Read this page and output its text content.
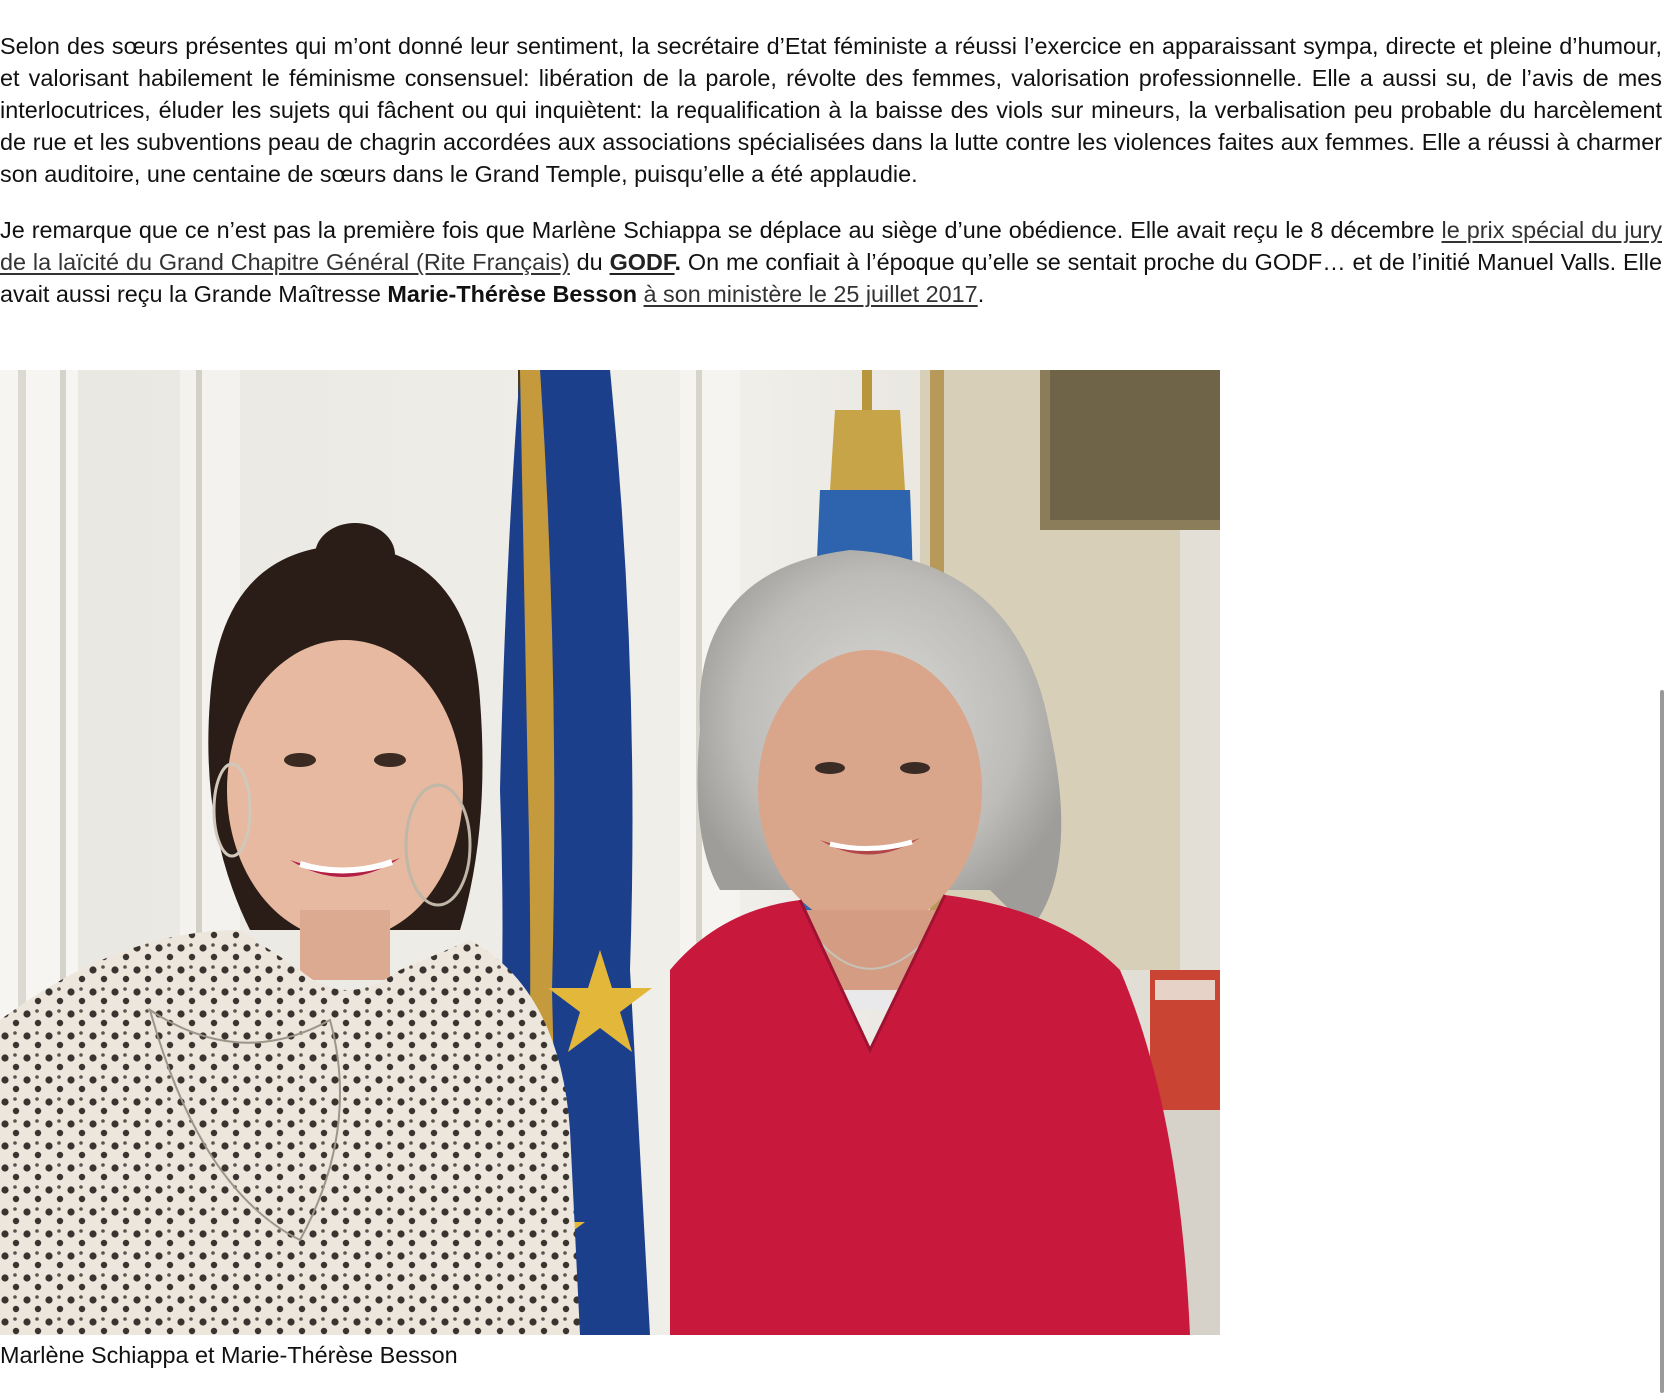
Selon des sœurs présentes qui m’ont donné leur sentiment, la secrétaire d’Etat féministe a réussi l’exercice en apparaissant sympa, directe et pleine d’humour, et valorisant habilement le féminisme consensuel: libération de la parole, révolte des femmes, valorisation professionnelle. Elle a aussi su, de l’avis de mes interlocutrices, éluder les sujets qui fâchent ou qui inquiètent: la requalification à la baisse des viols sur mineurs, la verbalisation peu probable du harcèlement de rue et les subventions peau de chagrin accordées aux associations spécialisées dans la lutte contre les violences faites aux femmes. Elle a réussi à charmer son auditoire, une centaine de sœurs dans le Grand Temple, puisqu’elle a été applaudie.

Je remarque que ce n’est pas la première fois que Marlène Schiappa se déplace au siège d’une obédience. Elle avait reçu le 8 décembre le prix spécial du jury de la laïcité du Grand Chapitre Général (Rite Français) du GODF. On me confiait à l’époque qu’elle se sentait proche du GODF… et de l’initié Manuel Valls. Elle avait aussi reçu la Grande Maîtresse Marie-Thérèse Besson à son ministère le 25 juillet 2017.

Marlène Schiappa et Marie-Thérèse Besson
